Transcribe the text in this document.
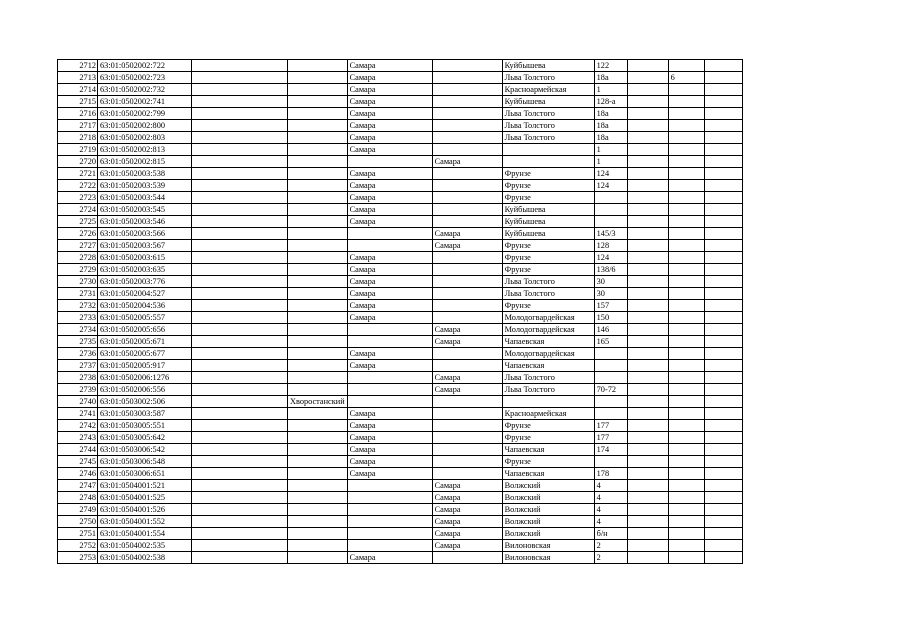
2712	63:01:0502002:722			Самара		Куйбышева	122			
2713	63:01:0502002:723			Самара		Льва Толстого	18а		6	
2714	63:01:0502002:732			Самара		Красноармейская	1			
2715	63:01:0502002:741			Самара		Куйбышева	128-а			
2716	63:01:0502002:799			Самара		Льва Толстого	18а			
2717	63:01:0502002:800			Самара		Льва Толстого	18а			
2718	63:01:0502002:803			Самара		Льва Толстого	18а			
2719	63:01:0502002:813			Самара			1			
2720	63:01:0502002:815				Самара		1			
2721	63:01:0502003:538			Самара		Фрунзе	124			
2722	63:01:0502003:539			Самара		Фрунзе	124			
2723	63:01:0502003:544			Самара		Фрунзе				
2724	63:01:0502003:545			Самара		Куйбышева				
2725	63:01:0502003:546			Самара		Куйбышева				
2726	63:01:0502003:566				Самара	Куйбышева	145/3			
2727	63:01:0502003:567				Самара	Фрунзе	128			
2728	63:01:0502003:615			Самара		Фрунзе	124			
2729	63:01:0502003:635			Самара		Фрунзе	138/6			
2730	63:01:0502003:776			Самара		Льва Толстого	30			
2731	63:01:0502004:527			Самара		Льва Толстого	30			
2732	63:01:0502004:536			Самара		Фрунзе	157			
2733	63:01:0502005:557			Самара		Молодогвардейская	150			
2734	63:01:0502005:656				Самара	Молодогвардейская	146			
2735	63:01:0502005:671				Самара	Чапаевская	165			
2736	63:01:0502005:677			Самара		Молодогвардейская				
2737	63:01:0502005:917			Самара		Чапаевская				
2738	63:01:0502006:1276				Самара	Льва Толстого				
2739	63:01:0502006:556				Самара	Льва Толстого	70-72			
2740	63:01:0503002:506		Хворостанский							
2741	63:01:0503003:587			Самара		Красноармейская				
2742	63:01:0503005:551			Самара		Фрунзе	177			
2743	63:01:0503005:642			Самара		Фрунзе	177			
2744	63:01:0503006:542			Самара		Чапаевская	174			
2745	63:01:0503006:548			Самара		Фрунзе				
2746	63:01:0503006:651			Самара		Чапаевская	178			
2747	63:01:0504001:521				Самара	Волжский	4			
2748	63:01:0504001:525				Самара	Волжский	4			
2749	63:01:0504001:526				Самара	Волжский	4			
2750	63:01:0504001:552				Самара	Волжский	4			
2751	63:01:0504001:554				Самара	Волжский	б/н			
2752	63:01:0504002:535				Самара	Вилоновская	2			
2753	63:01:0504002:538			Самара		Вилоновская	2			
